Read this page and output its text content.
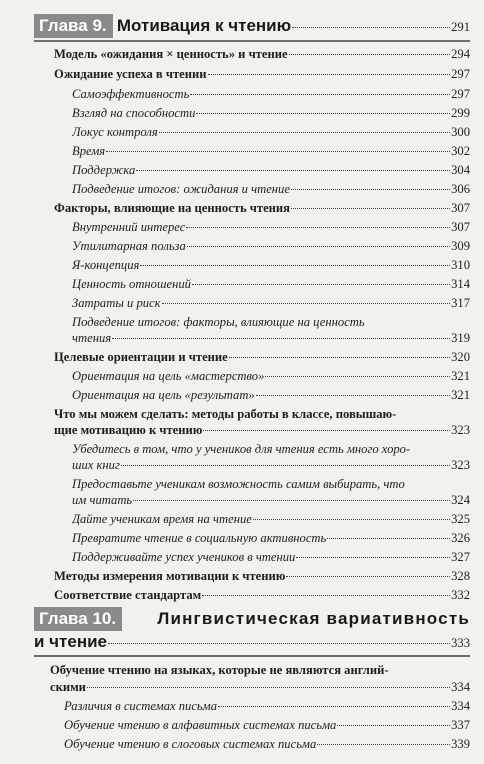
Глава 9. Мотивация к чтению	291
Модель «ожидания × ценность» и чтение	294
Ожидание успеха в чтении	297
Самоэффективность	297
Взгляд на способности	299
Локус контроля	300
Время	302
Поддержка	304
Подведение итогов: ожидания и чтение	306
Факторы, влияющие на ценность чтения	307
Внутренний интерес	307
Утилитарная польза	309
Я-концепция	310
Ценность отношений	314
Затраты и риск	317
Подведение итогов: факторы, влияющие на ценность
чтения	319
Целевые ориентации и чтение	320
Ориентация на цель «мастерство»	321
Ориентация на цель «результат»	321
Что мы можем сделать: методы работы в классе, повышаю-
щие мотивацию к чтению	323
Убедитесь в том, что у учеников для чтения есть много хоро-
ших книг	323
Предоставьте ученикам возможность самим выбирать, что
им читать	324
Дайте ученикам время на чтение	325
Превратите чтение в социальную активность	326
Поддерживайте успех учеников в чтении	327
Методы измерения мотивации к чтению	328
Соответствие стандартам	332
Глава 10.	Лингвистическая вариативность
и чтение	333
Обучение чтению на языках, которые не являются англий-
скими	334
Различия в системах письма	334
Обучение чтению в алфавитных системах письма	337
Обучение чтению в слоговых системах письма	339
